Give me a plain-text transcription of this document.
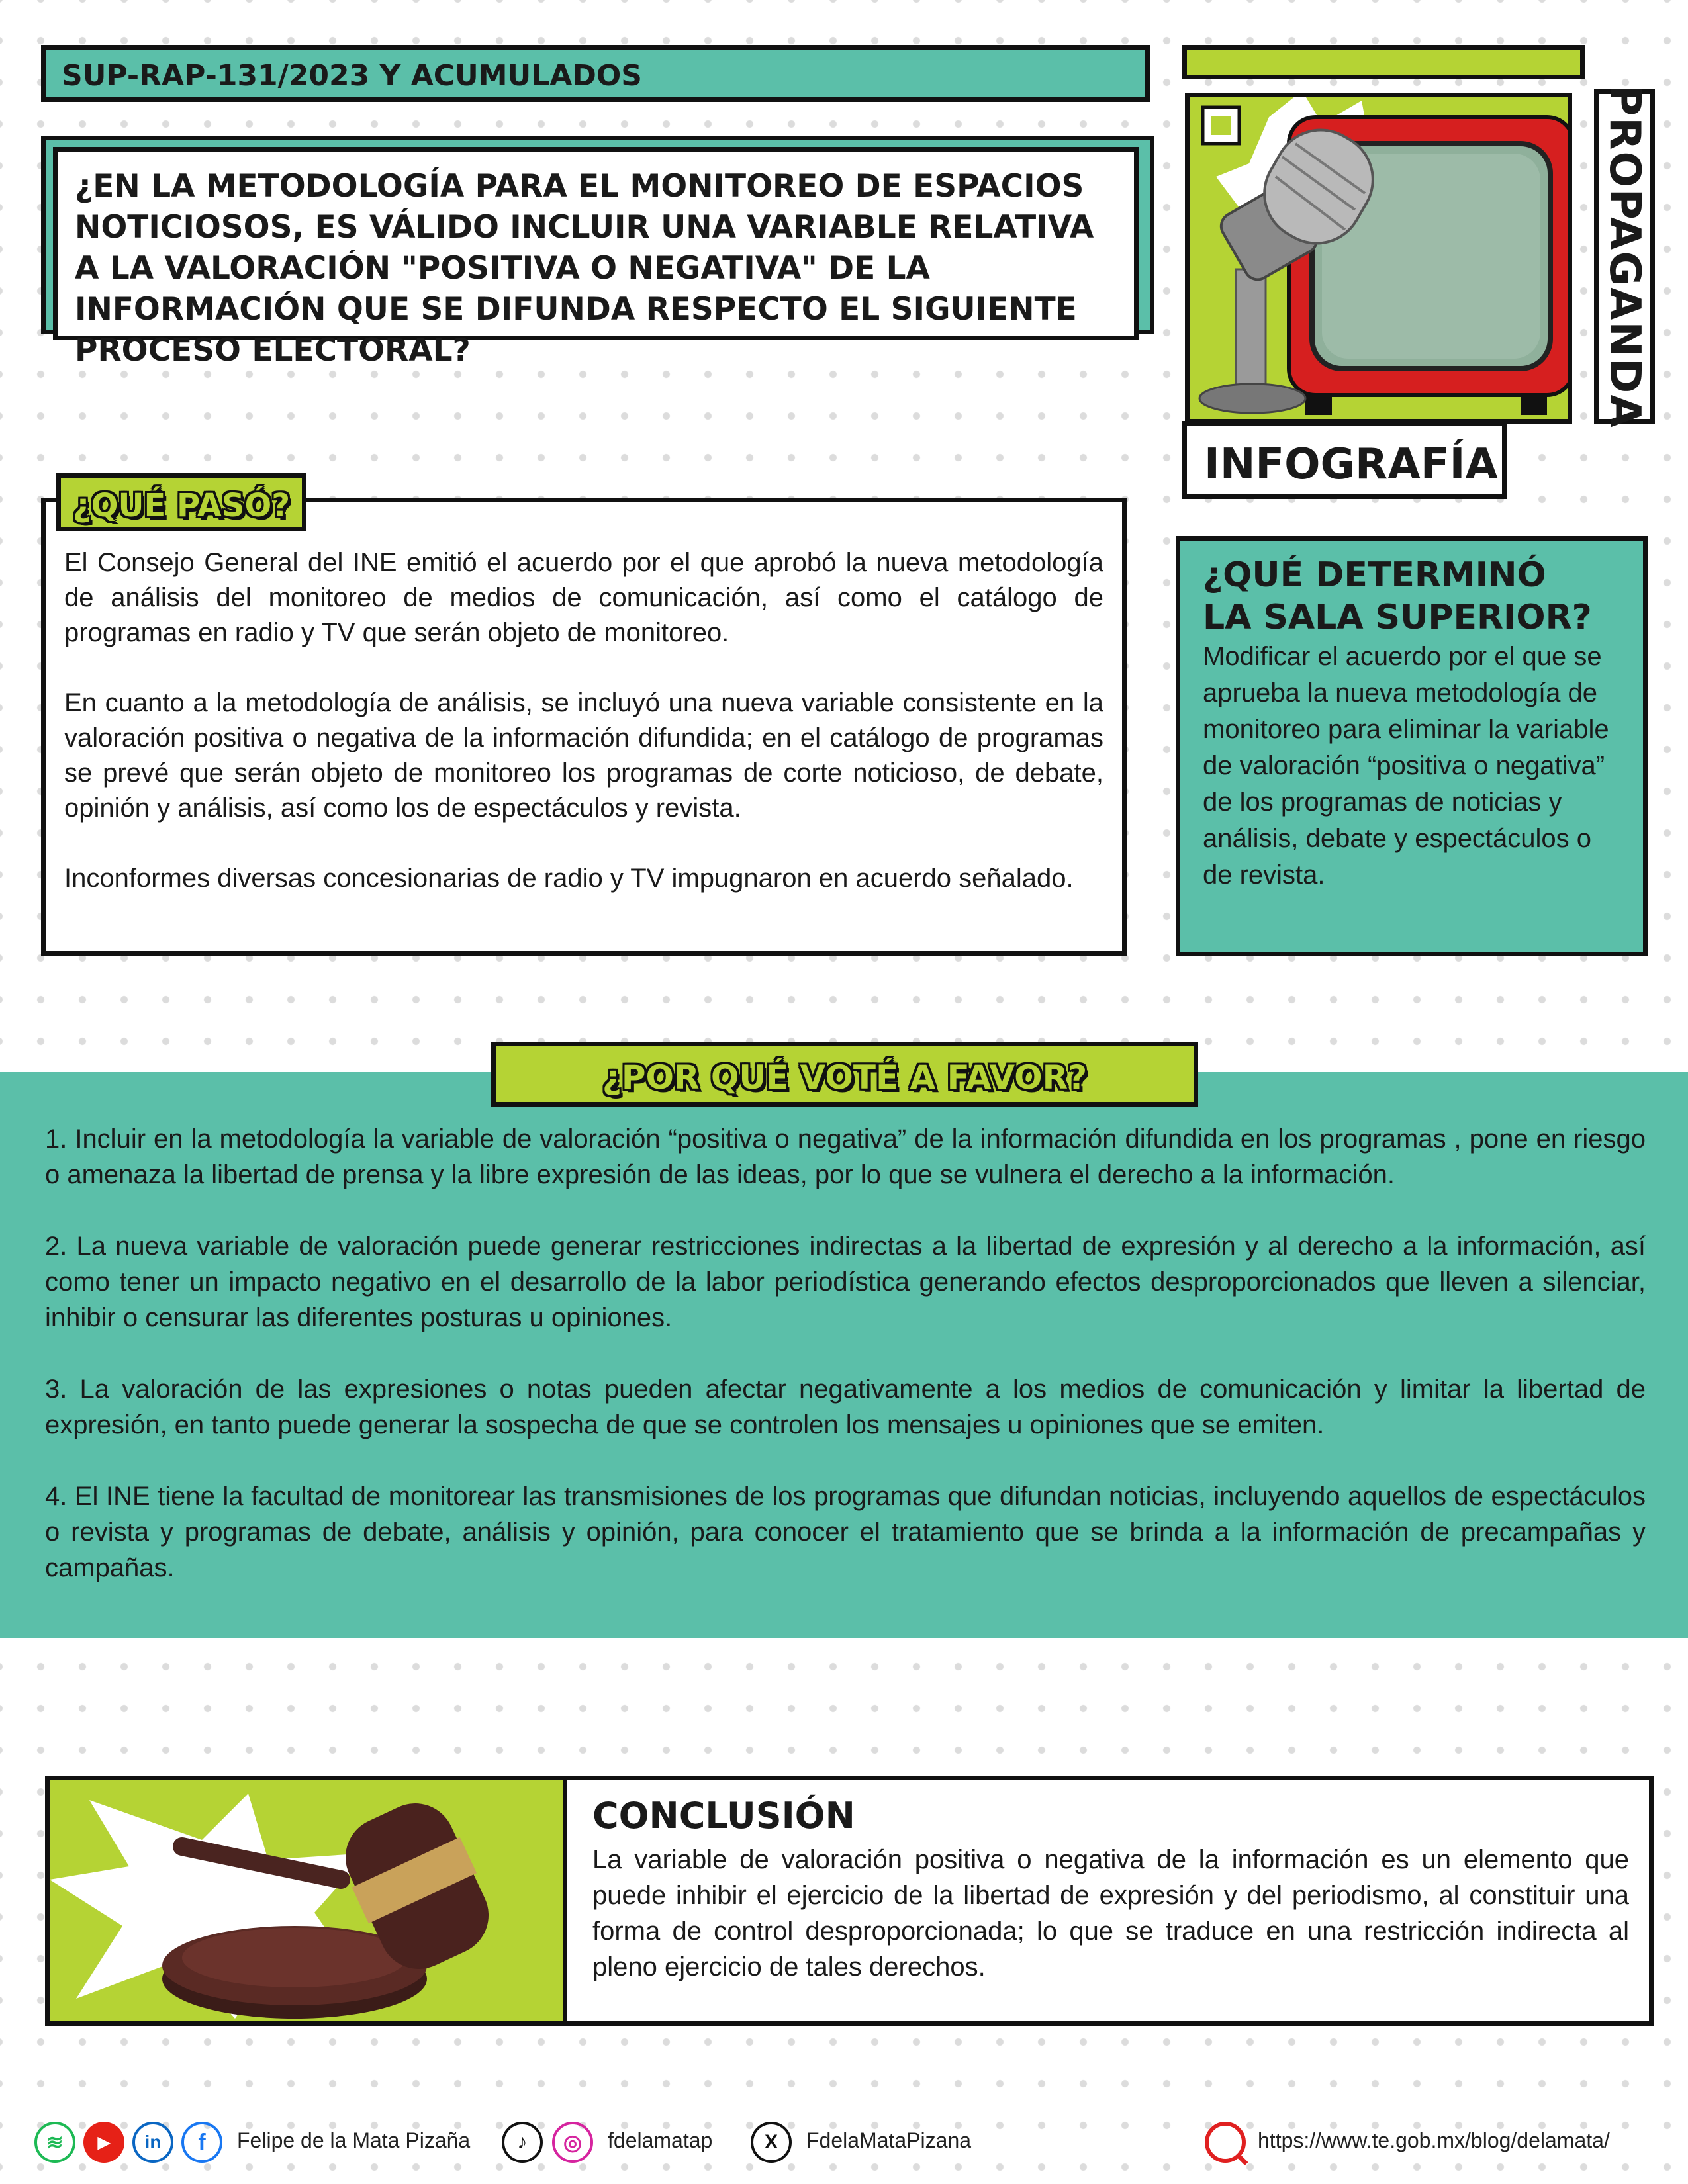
SUP-RAP-131/2023 Y ACUMULADOS
¿EN LA METODOLOGÍA PARA EL MONITOREO DE ESPACIOS NOTICIOSOS, ES VÁLIDO INCLUIR UNA VARIABLE RELATIVA A LA VALORACIÓN "POSITIVA O NEGATIVA" DE LA INFORMACIÓN QUE SE DIFUNDA RESPECTO EL SIGUIENTE PROCESO ELECTORAL?	PROPAGANDA
INFOGRAFÍA

El Consejo General del INE emitió el acuerdo por el que aprobó la nueva metodología de análisis del monitoreo de medios de comunicación, así como el catálogo de programas en radio y TV que serán objeto de monitoreo.

En cuanto a la metodología de análisis, se incluyó una nueva variable consistente en la valoración positiva o negativa de la información difundida; en el catálogo de programas se prevé que serán objeto de monitoreo los programas de corte noticioso, de debate, opinión y análisis, así como los de espectáculos y revista.

Inconformes diversas concesionarias de radio y TV impugnaron en acuerdo señalado.

¿QUÉ PASÓ?

¿QUÉ DETERMINÓ
LA SALA SUPERIOR?

Modificar el acuerdo por el que se aprueba la nueva metodología de monitoreo para eliminar la variable de valoración “positiva o negativa” de los programas de noticias y análisis, debate y espectáculos o de revista.

¿POR QUÉ VOTÉ A FAVOR?

1. Incluir en la metodología la variable de valoración “positiva o negativa” de la información difundida en los programas , pone en riesgo o amenaza la libertad de prensa y la libre expresión de las ideas, por lo que se vulnera el derecho a la información.

2. La nueva variable de valoración puede generar restricciones indirectas a la libertad de expresión y al derecho a la información, así como tener un impacto negativo en el desarrollo de la labor periodística generando efectos desproporcionados que lleven a silenciar, inhibir o censurar las diferentes posturas u opiniones.

3. La valoración de las expresiones o notas pueden afectar negativamente a los medios de comunicación y limitar la libertad de expresión, en tanto puede generar la sospecha de que se controlen los mensajes u opiniones que se emiten.

4. El INE tiene la facultad de monitorear las transmisiones de los programas que difundan noticias, incluyendo aquellos de espectáculos o revista y programas de debate, análisis y opinión, para conocer el tratamiento que se brinda a la información de precampañas y campañas.

CONCLUSIÓN

La variable de valoración positiva o negativa de la información es un elemento que puede inhibir el ejercicio de la libertad de expresión y del periodismo, al constituir una forma de control desproporcionada; lo que se traduce en una restricción indirecta al pleno ejercicio de tales derechos.

≋	▶	in	f	Felipe de la Mata Pizaña	♪	◎	fdelamatap	X	FdelaMataPizana	https://www.te.gob.mx/blog/delamata/
